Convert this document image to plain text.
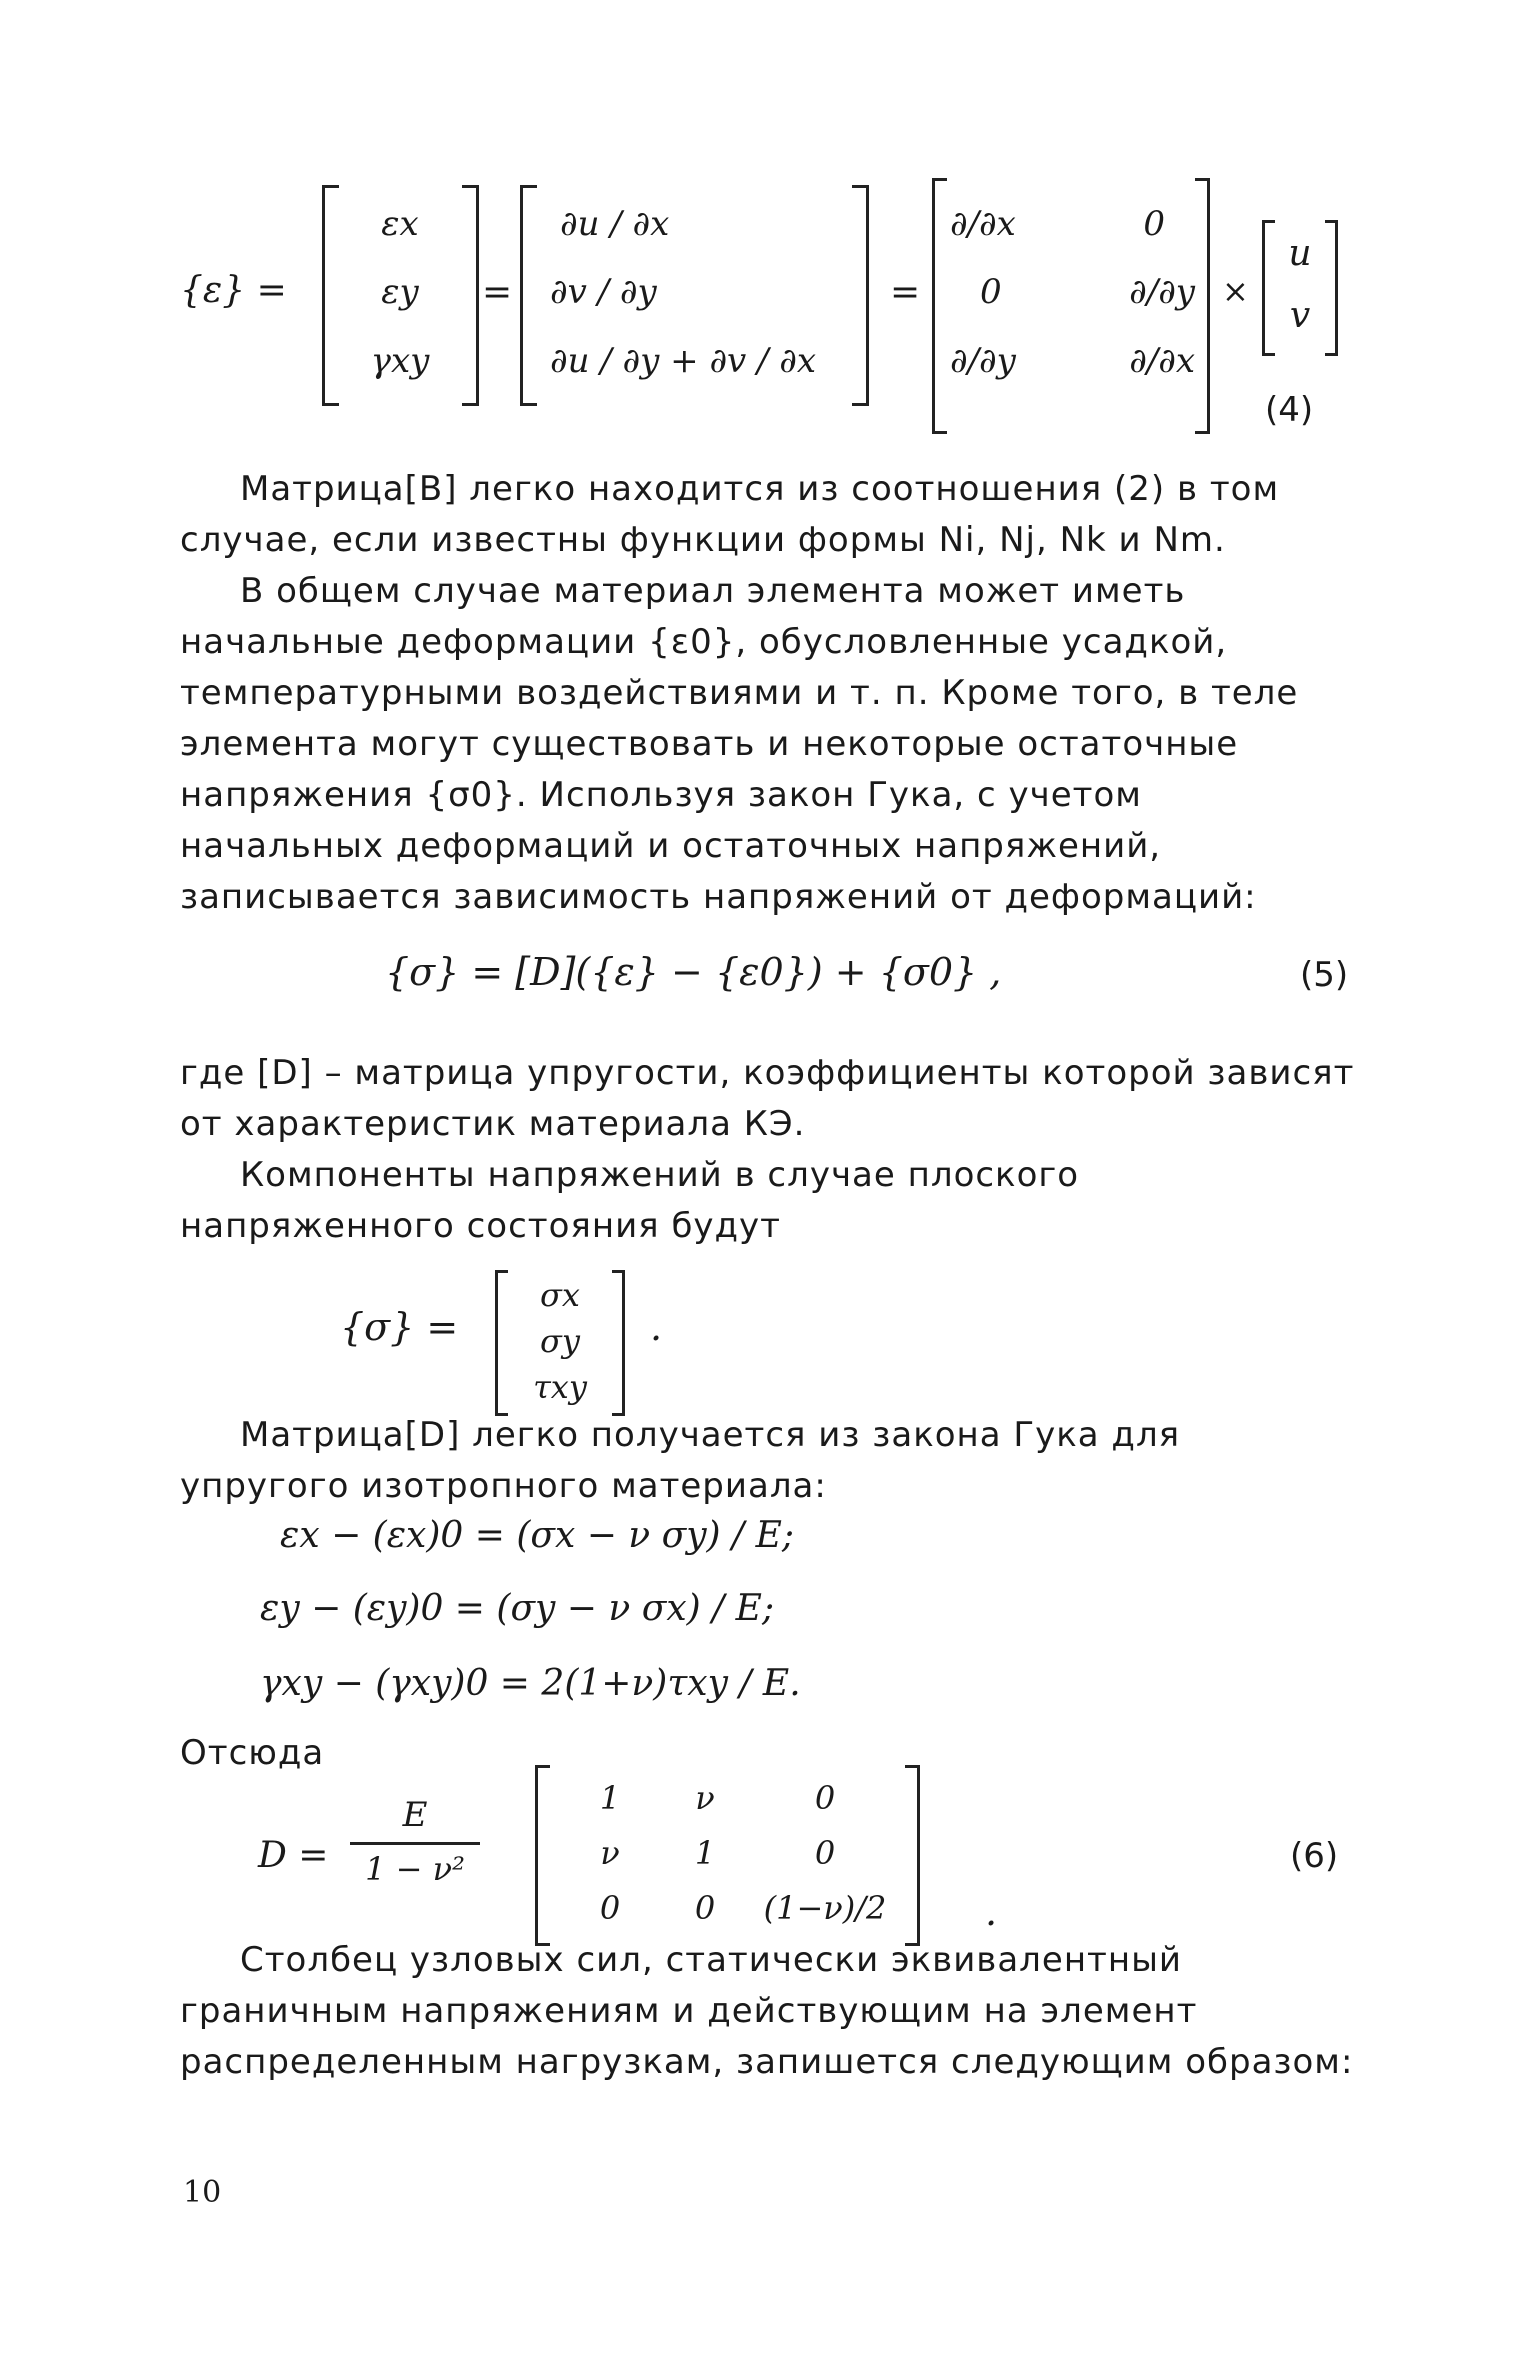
{ε} =
εx
εy
γxy
=
∂u / ∂x
∂v / ∂y
∂u / ∂y + ∂v / ∂x
=
∂/∂x	0
0	∂/∂y
∂/∂y	∂/∂x
×
u
v
(4)

Матрица[B] легко находится из соотношения (2) в том случае, если известны функции формы Ni, Nj, Nk и Nm.

В общем случае материал элемента может иметь начальные деформации {ε0}, обусловленные усадкой, температурными воздействиями и т. п. Кроме того, в теле элемента могут существовать и некоторые остаточные напряжения {σ0}. Используя закон Гука, с учетом начальных деформаций и остаточных напряжений, записывается зависимость напряжений от деформаций:

{σ} = [D]({ε} − {ε0}) + {σ0} ,	(5)

где [D] – матрица упругости, коэффициенты которой зависят от характеристик материала КЭ.

Компоненты напряжений в случае плоского напряженного состояния будут

{σ} =
σx
σy
τxy
.

Матрица[D] легко получается из закона Гука для упругого изотропного материала:

εx − (εx)0 = (σx − ν σy) / E;
εy − (εy)0 = (σy − ν σx) / E;
γxy − (γxy)0 = 2(1+ν)τxy / E.

Отсюда

D =
E
1 − ν²
1	ν	0
ν	1	0
0	0	(1−ν)/2	.
(6)

Столбец узловых сил, статически эквивалентный граничным напряжениям и действующим на элемент распределенным нагрузкам, запишется следующим образом:

10
